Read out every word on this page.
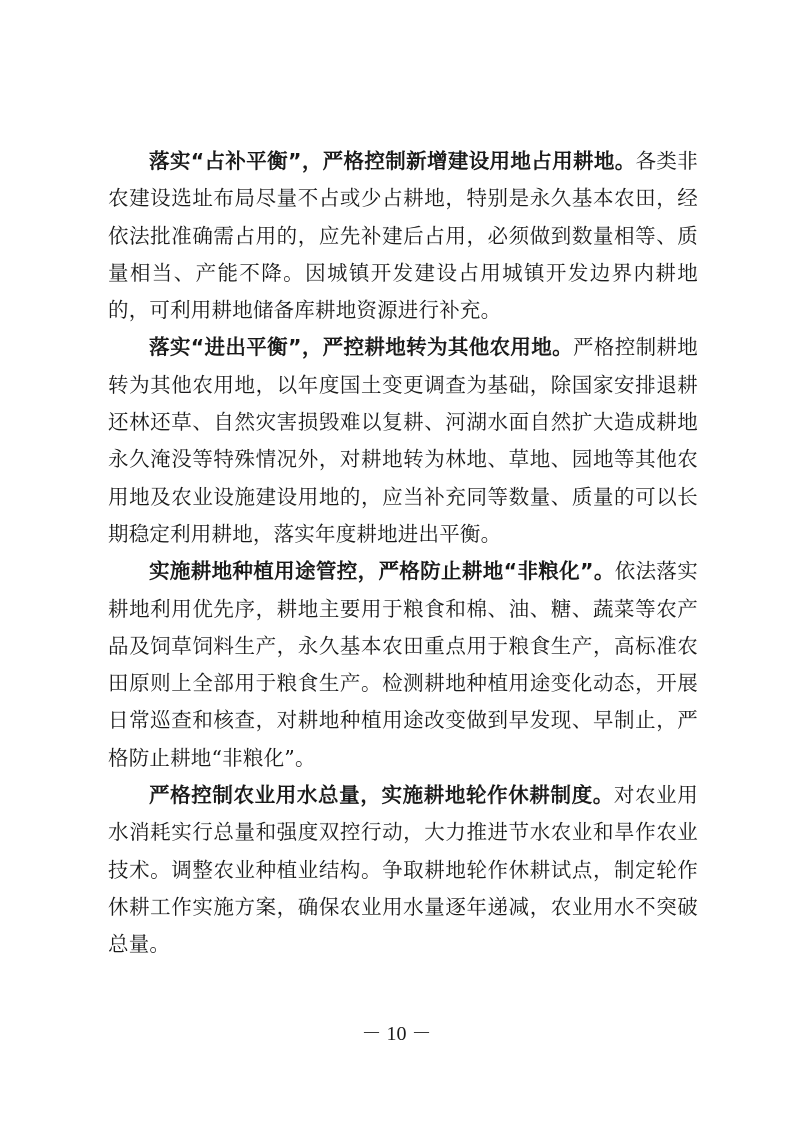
落实“占补平衡”，严格控制新增建设用地占用耕地。各类非农建设选址布局尽量不占或少占耕地，特别是永久基本农田，经依法批准确需占用的，应先补建后占用，必须做到数量相等、质量相当、产能不降。因城镇开发建设占用城镇开发边界内耕地的，可利用耕地储备库耕地资源进行补充。

落实“进出平衡”，严控耕地转为其他农用地。严格控制耕地转为其他农用地，以年度国土变更调查为基础，除国家安排退耕还林还草、自然灾害损毁难以复耕、河湖水面自然扩大造成耕地永久淹没等特殊情况外，对耕地转为林地、草地、园地等其他农用地及农业设施建设用地的，应当补充同等数量、质量的可以长期稳定利用耕地，落实年度耕地进出平衡。

实施耕地种植用途管控，严格防止耕地“非粮化”。依法落实耕地利用优先序，耕地主要用于粮食和棉、油、糖、蔬菜等农产品及饲草饲料生产，永久基本农田重点用于粮食生产，高标准农田原则上全部用于粮食生产。检测耕地种植用途变化动态，开展日常巡查和核查，对耕地种植用途改变做到早发现、早制止，严格防止耕地“非粮化”。

严格控制农业用水总量，实施耕地轮作休耕制度。对农业用水消耗实行总量和强度双控行动，大力推进节水农业和旱作农业技术。调整农业种植业结构。争取耕地轮作休耕试点，制定轮作休耕工作实施方案，确保农业用水量逐年递减，农业用水不突破总量。

－ 10 －
